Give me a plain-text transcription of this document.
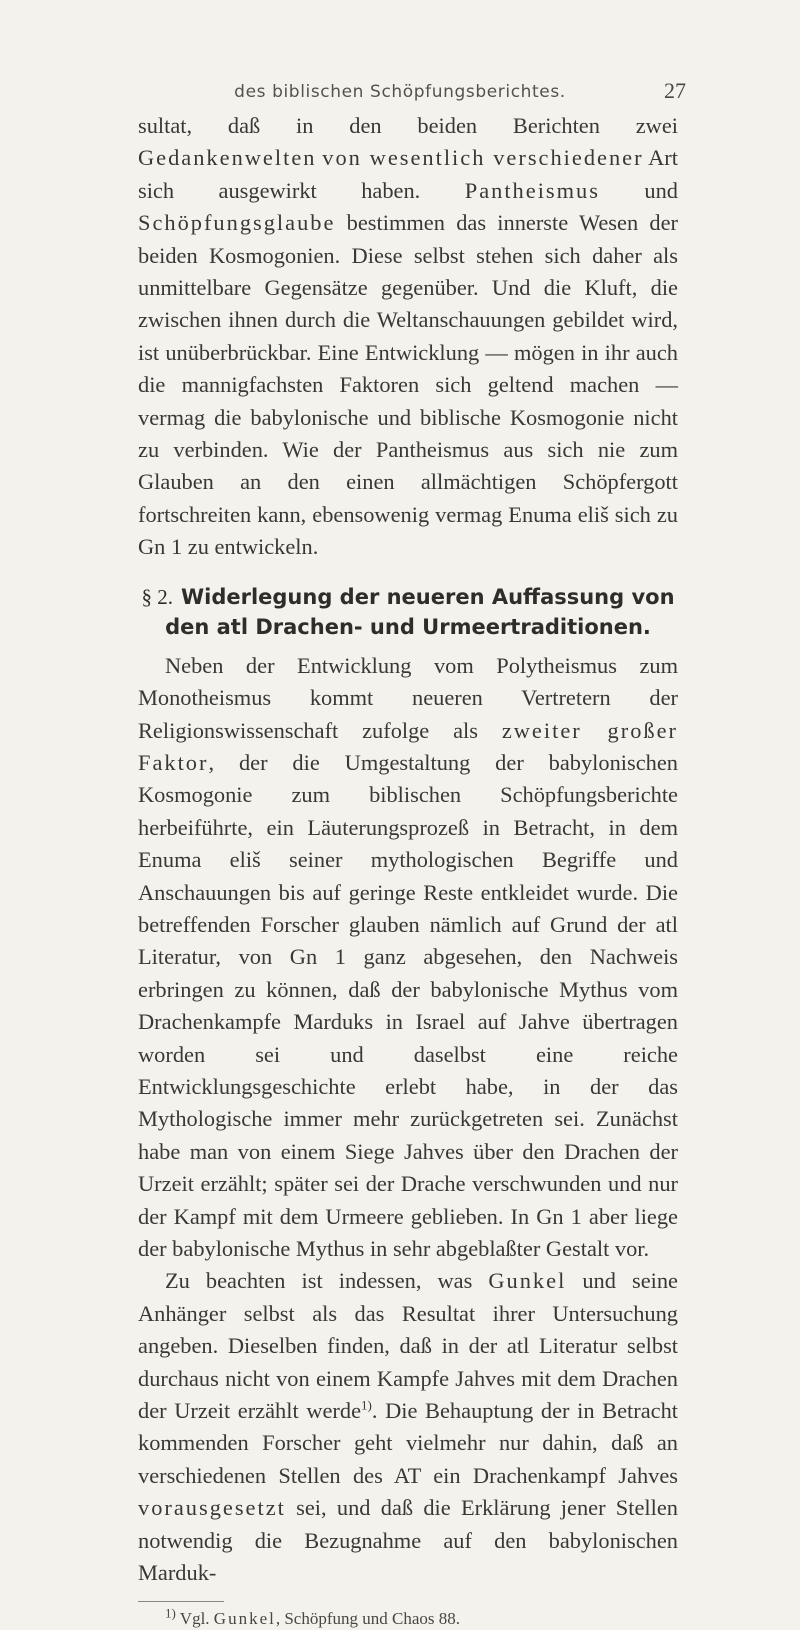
des biblischen Schöpfungsberichtes.	27

sultat, daß in den beiden Berichten zwei Gedankenwelten von wesentlich verschiedener Art sich ausgewirkt haben. Pantheismus und Schöpfungsglaube bestimmen das innerste Wesen der beiden Kosmogonien. Diese selbst stehen sich daher als unmittelbare Gegensätze gegenüber. Und die Kluft, die zwischen ihnen durch die Weltanschauungen gebildet wird, ist unüberbrückbar. Eine Entwicklung — mögen in ihr auch die mannigfachsten Faktoren sich geltend machen — vermag die babylonische und biblische Kosmogonie nicht zu verbinden. Wie der Pantheismus aus sich nie zum Glauben an den einen allmächtigen Schöpfergott fortschreiten kann, ebensowenig vermag Enuma eliš sich zu Gn 1 zu entwickeln.

§ 2. Widerlegung der neueren Auffassung von den atl Drachen- und Urmeertraditionen.

Neben der Entwicklung vom Polytheismus zum Monotheismus kommt neueren Vertretern der Religionswissenschaft zufolge als zweiter großer Faktor, der die Umgestaltung der babylonischen Kosmogonie zum biblischen Schöpfungsberichte herbeiführte, ein Läuterungsprozeß in Betracht, in dem Enuma eliš seiner mythologischen Begriffe und Anschauungen bis auf geringe Reste entkleidet wurde. Die betreffenden Forscher glauben nämlich auf Grund der atl Literatur, von Gn 1 ganz abgesehen, den Nachweis erbringen zu können, daß der babylonische Mythus vom Drachenkampfe Marduks in Israel auf Jahve übertragen worden sei und daselbst eine reiche Entwicklungsgeschichte erlebt habe, in der das Mythologische immer mehr zurückgetreten sei. Zunächst habe man von einem Siege Jahves über den Drachen der Urzeit erzählt; später sei der Drache verschwunden und nur der Kampf mit dem Urmeere geblieben. In Gn 1 aber liege der babylonische Mythus in sehr abgeblaßter Gestalt vor.

Zu beachten ist indessen, was Gunkel und seine Anhänger selbst als das Resultat ihrer Untersuchung angeben. Dieselben finden, daß in der atl Literatur selbst durchaus nicht von einem Kampfe Jahves mit dem Drachen der Urzeit erzählt werde$^{1)}$. Die Behauptung der in Betracht kommenden Forscher geht vielmehr nur dahin, daß an verschiedenen Stellen des AT ein Drachenkampf Jahves vorausgesetzt sei, und daß die Erklärung jener Stellen notwendig die Bezugnahme auf den babylonischen Marduk-

$^{1)}$ Vgl. Gunkel, Schöpfung und Chaos 88.
